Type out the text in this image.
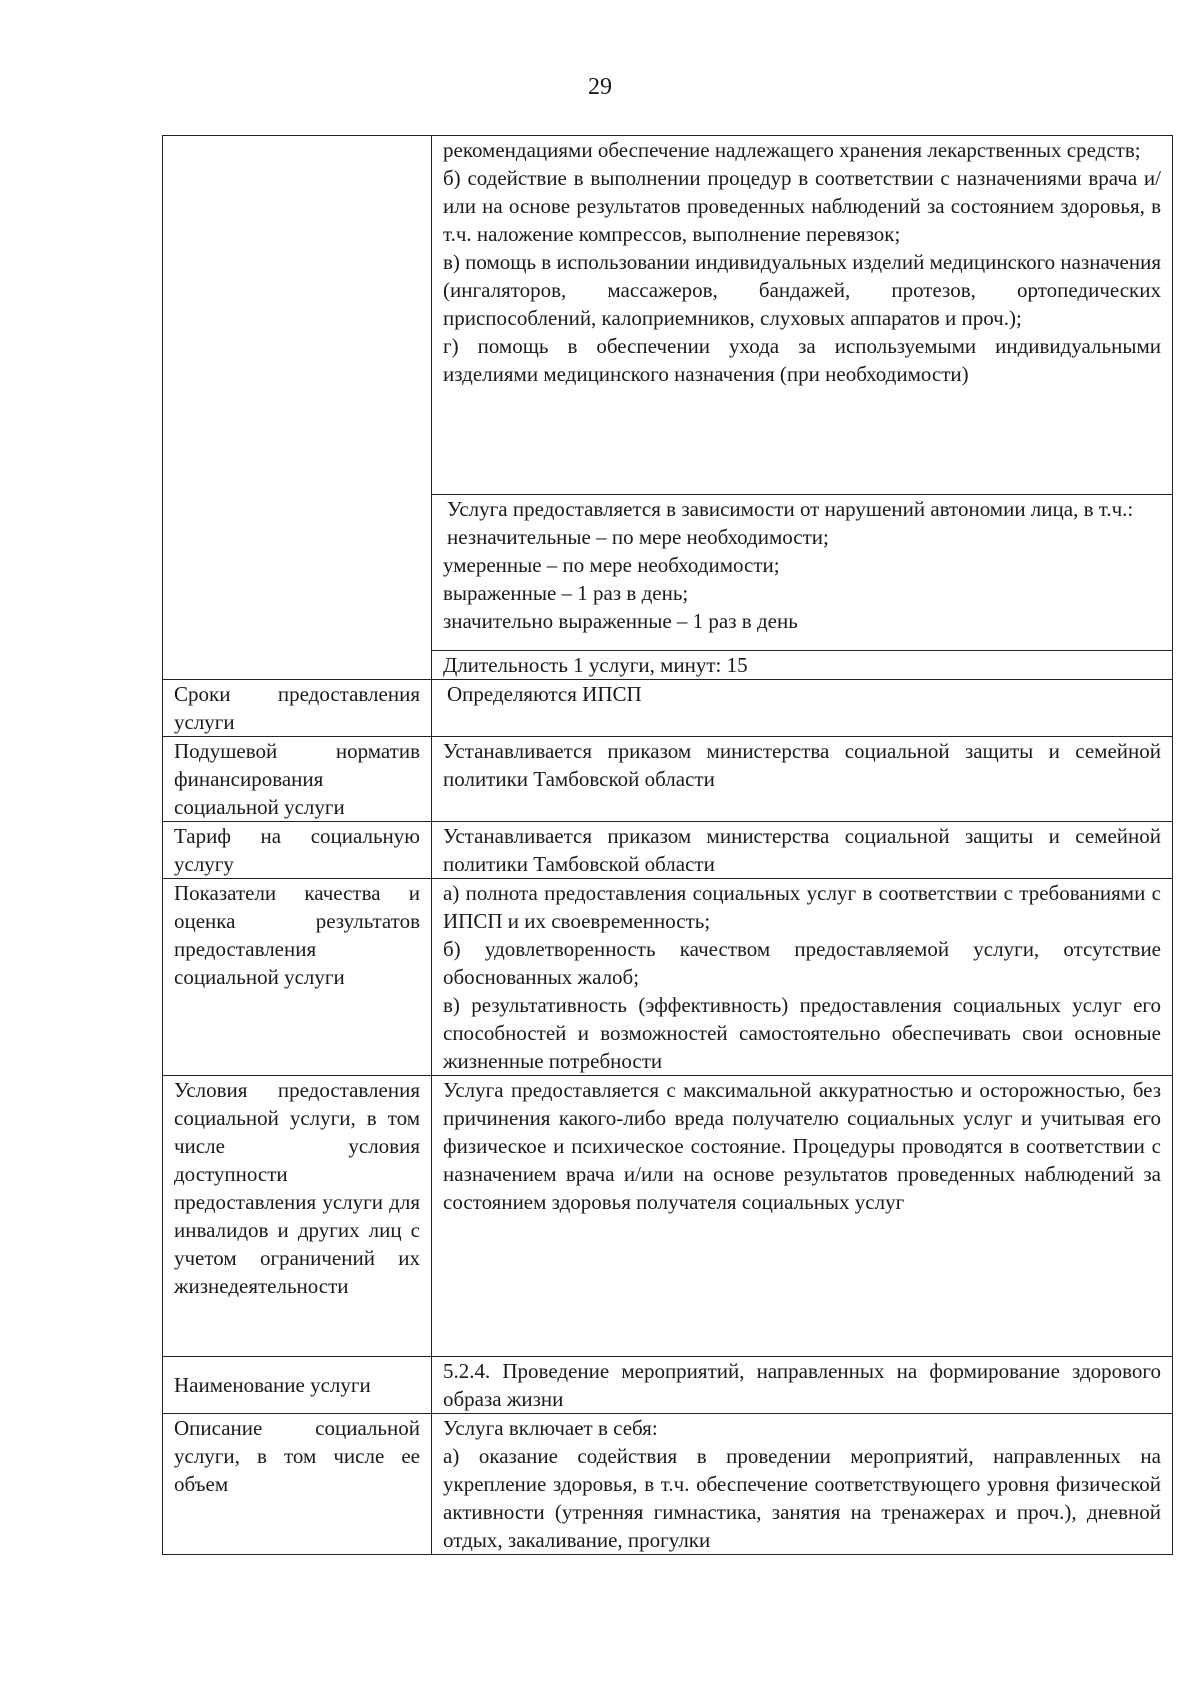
29

	рекомендациями обеспечение надлежащего хранения лекарственных средств;
б) содействие в выполнении процедур в соответствии с назначениями врача и/или на основе результатов проведенных наблюдений за состоянием здоровья, в т.ч. наложение компрессов, выполнение перевязок;
в) помощь в использовании индивидуальных изделий медицинского назначения (ингаляторов, массажеров, бандажей, протезов, ортопедических приспособлений, калоприемников, слуховых аппаратов и проч.);
г) помощь в обеспечении ухода за используемыми индивидуальными изделиями медицинского назначения (при необходимости)

	Услуга предоставляется в зависимости от нарушений автономии лица, в т.ч.:
незначительные – по мере необходимости;
умеренные – по мере необходимости;
выраженные – 1 раз в день;
значительно выраженные – 1 раз в день

	Длительность 1 услуги, минут: 15

Сроки предоставления услуги	Определяются ИПСП

Подушевой норматив финансирования социальной услуги	Устанавливается приказом министерства социальной защиты и семейной политики Тамбовской области

Тариф на социальную услугу	Устанавливается приказом министерства социальной защиты и семейной политики Тамбовской области

Показатели качества и оценка результатов предоставления социальной услуги	а) полнота предоставления социальных услуг в соответствии с требованиями с ИПСП и их своевременность;
б) удовлетворенность качеством предоставляемой услуги, отсутствие обоснованных жалоб;
в) результативность (эффективность) предоставления социальных услуг его способностей и возможностей самостоятельно обеспечивать свои основные жизненные потребности

Условия предоставления социальной услуги, в том числе условия доступности предоставления услуги для инвалидов и других лиц с учетом ограничений их жизнедеятельности	Услуга предоставляется с максимальной аккуратностью и осторожностью, без причинения какого-либо вреда получателю социальных услуг и учитывая его физическое и психическое состояние. Процедуры проводятся в соответствии с назначением врача и/или на основе результатов проведенных наблюдений за состоянием здоровья получателя социальных услуг

Наименование услуги	5.2.4. Проведение мероприятий, направленных на формирование здорового образа жизни

Описание социальной услуги, в том числе ее объем	Услуга включает в себя:
а) оказание содействия в проведении мероприятий, направленных на укрепление здоровья, в т.ч. обеспечение соответствующего уровня физической активности (утренняя гимнастика, занятия на тренажерах и проч.), дневной отдых, закаливание, прогулки
